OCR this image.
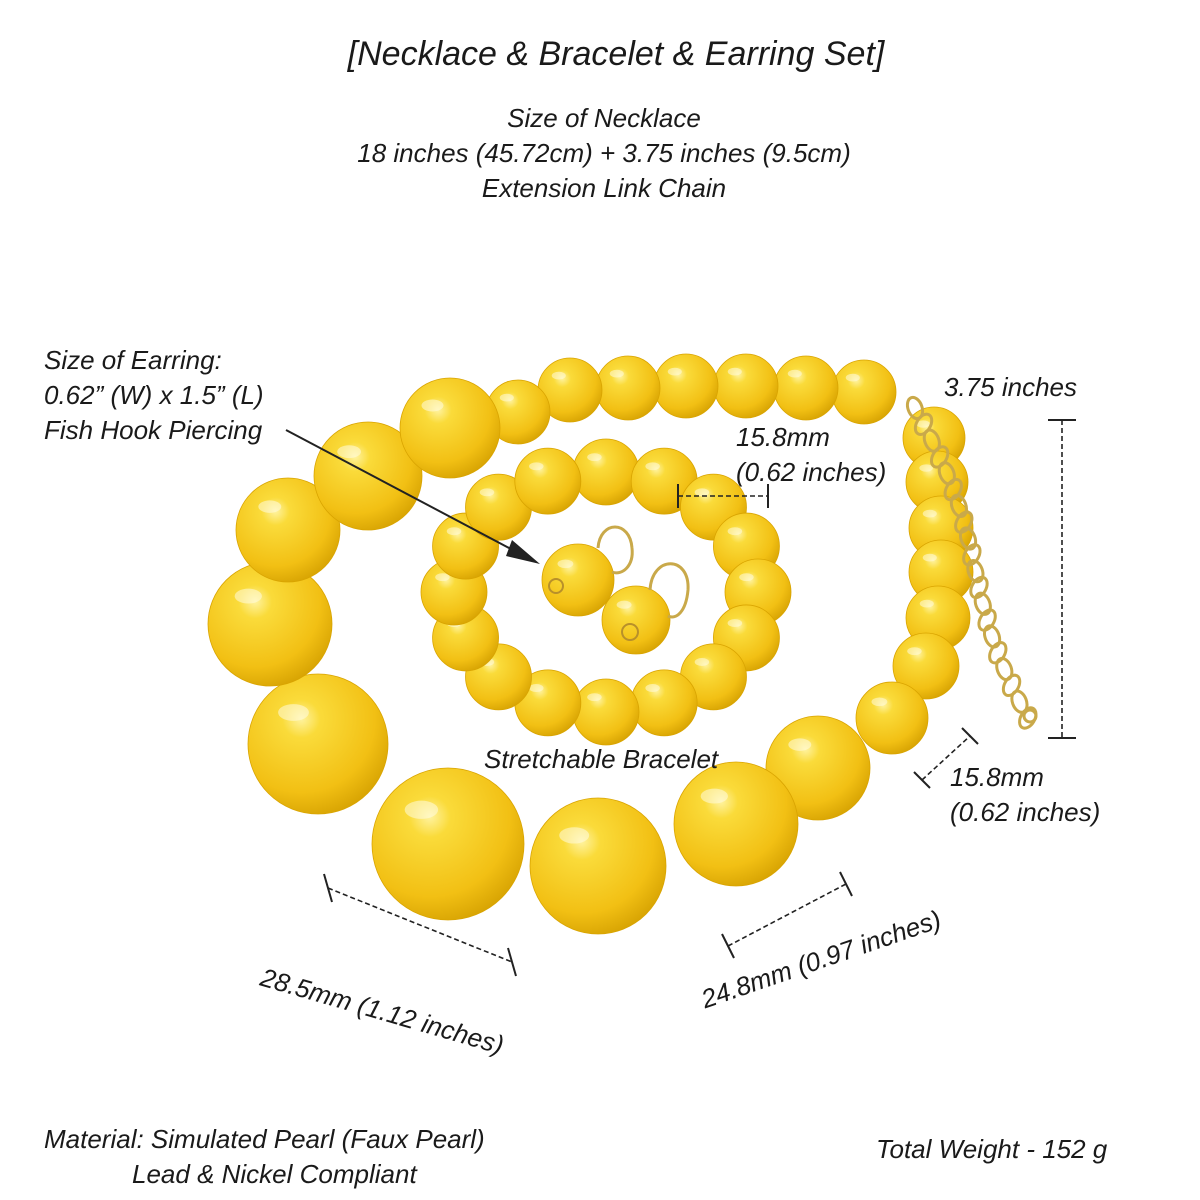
[Necklace & Bracelet & Earring Set]
Size of Necklace
18 inches (45.72cm) + 3.75 inches (9.5cm)
Extension Link Chain
Size of Earring:
0.62” (W) x 1.5” (L)
Fish Hook Piercing	15.8mm
(0.62 inches)
3.75 inches
Stretchable Bracelet
15.8mm
(0.62 inches)
28.5mm (1.12 inches)	24.8mm (0.97 inches)
Material: Simulated Pearl (Faux Pearl)
Lead & Nickel Compliant
Total Weight - 152 g
